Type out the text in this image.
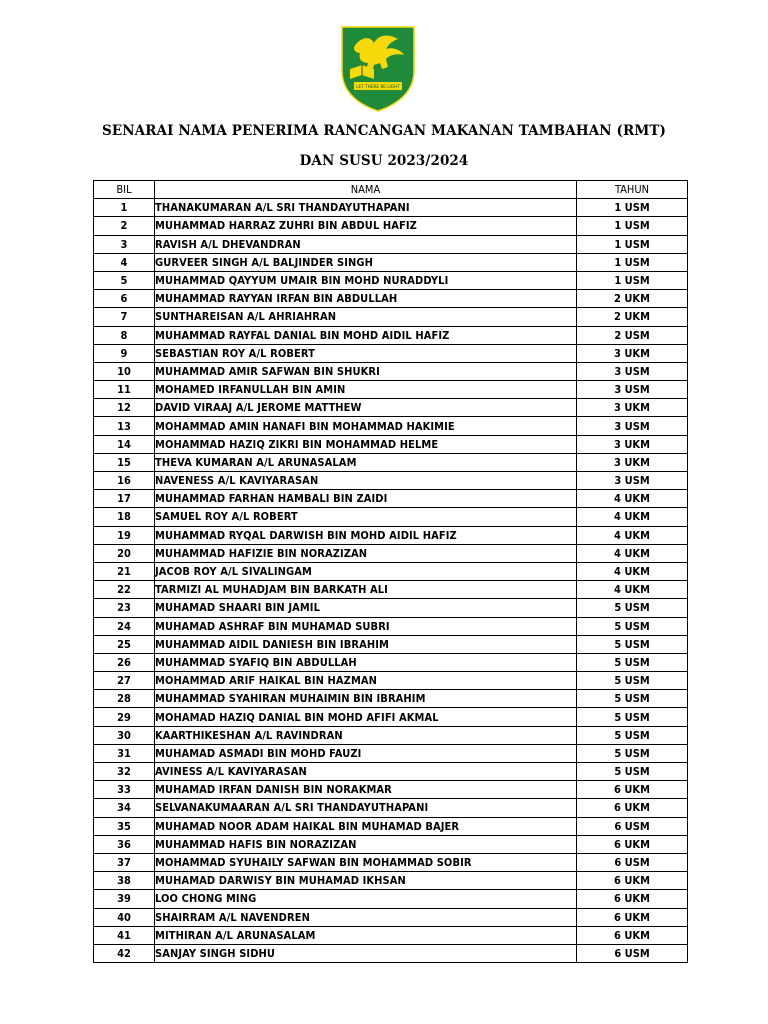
LET THERE BE LIGHT
SENARAI NAMA PENERIMA RANCANGAN MAKANAN TAMBAHAN (RMT)
DAN SUSU 2023/2024
BIL	NAMA	TAHUN
1	THANAKUMARAN A/L SRI THANDAYUTHAPANI	1 USM
2	MUHAMMAD HARRAZ ZUHRI BIN ABDUL HAFIZ	1 USM
3	RAVISH A/L DHEVANDRAN	1 USM
4	GURVEER SINGH A/L BALJINDER SINGH	1 USM
5	MUHAMMAD QAYYUM UMAIR BIN MOHD NURADDYLI	1 USM
6	MUHAMMAD RAYYAN IRFAN BIN ABDULLAH	2 UKM
7	SUNTHAREISAN A/L AHRIAHRAN	2 UKM
8	MUHAMMAD RAYFAL DANIAL BIN MOHD AIDIL HAFIZ	2 USM
9	SEBASTIAN ROY A/L ROBERT	3 UKM
10	MUHAMMAD AMIR SAFWAN BIN SHUKRI	3 USM
11	MOHAMED IRFANULLAH BIN AMIN	3 USM
12	DAVID VIRAAJ A/L JEROME MATTHEW	3 UKM
13	MOHAMMAD AMIN HANAFI BIN MOHAMMAD HAKIMIE	3 USM
14	MOHAMMAD HAZIQ ZIKRI BIN MOHAMMAD HELME	3 UKM
15	THEVA KUMARAN A/L ARUNASALAM	3 UKM
16	NAVENESS A/L KAVIYARASAN	3 USM
17	MUHAMMAD FARHAN HAMBALI BIN ZAIDI	4 UKM
18	SAMUEL ROY A/L ROBERT	4 UKM
19	MUHAMMAD RYQAL DARWISH BIN MOHD AIDIL HAFIZ	4 UKM
20	MUHAMMAD HAFIZIE BIN NORAZIZAN	4 UKM
21	JACOB ROY A/L SIVALINGAM	4 UKM
22	TARMIZI AL MUHADJAM BIN BARKATH ALI	4 UKM
23	MUHAMAD SHAARI BIN JAMIL	5 USM
24	MUHAMAD ASHRAF BIN MUHAMAD SUBRI	5 USM
25	MUHAMMAD AIDIL DANIESH BIN IBRAHIM	5 USM
26	MUHAMMAD SYAFIQ BIN ABDULLAH	5 USM
27	MOHAMMAD ARIF HAIKAL BIN HAZMAN	5 USM
28	MUHAMMAD SYAHIRAN MUHAIMIN BIN IBRAHIM	5 USM
29	MOHAMAD HAZIQ DANIAL BIN MOHD AFIFI AKMAL	5 USM
30	KAARTHIKESHAN A/L RAVINDRAN	5 USM
31	MUHAMAD ASMADI BIN MOHD FAUZI	5 USM
32	AVINESS A/L KAVIYARASAN	5 USM
33	MUHAMAD IRFAN DANISH BIN NORAKMAR	6 UKM
34	SELVANAKUMAARAN A/L SRI THANDAYUTHAPANI	6 UKM
35	MUHAMAD NOOR ADAM HAIKAL BIN MUHAMAD BAJER	6 USM
36	MUHAMMAD HAFIS BIN NORAZIZAN	6 UKM
37	MOHAMMAD SYUHAILY SAFWAN BIN MOHAMMAD SOBIR	6 USM
38	MUHAMAD DARWISY BIN MUHAMAD IKHSAN	6 UKM
39	LOO CHONG MING	6 UKM
40	SHAIRRAM A/L NAVENDREN	6 UKM
41	MITHIRAN A/L ARUNASALAM	6 UKM
42	SANJAY SINGH SIDHU	6 USM
